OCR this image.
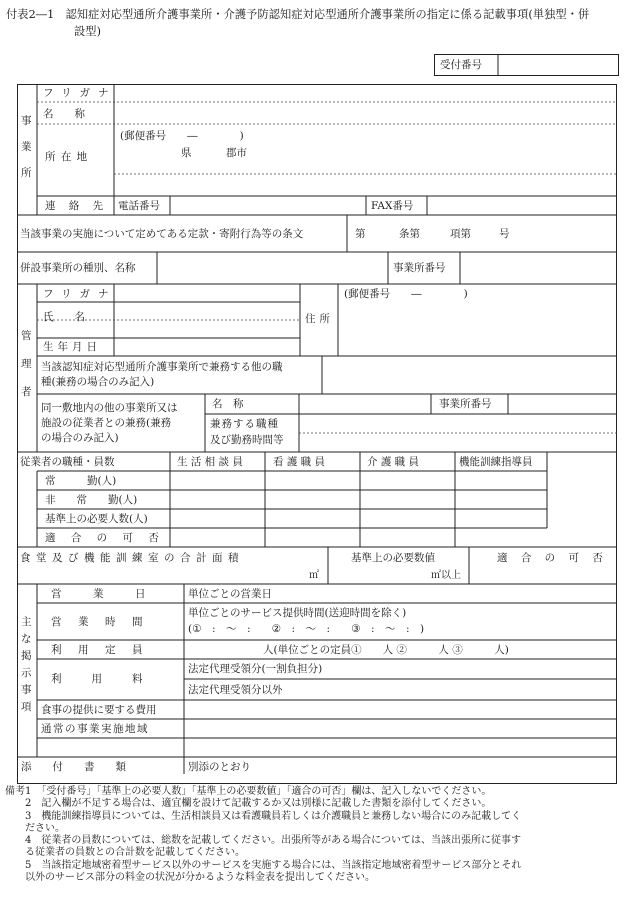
付表2―1　認知症対応型通所介護事業所・介護予防認知症対応型通所介護事業所の指定に係る記載事項(単独型・併
設型)
受付番号
事
業
所
フリガナ
名　　称
所 在 地
(郵便番号　　―　　　　)
県	郡市
連 絡 先 電話番号	FAX番号
当該事業の実施について定めてある定款・寄附行為等の条文	第	条第	項第	号
併設事業所の種別、名称	事業所番号
管
理
者
フリガナ
氏　　名
生年月日
住所
(郵便番号　　―　　　　)
当該認知症対応型通所介護事業所で兼務する他の職
種(兼務の場合のみ記入)
同一敷地内の他の事業所又は
施設の従業者との兼務(兼務
の場合のみ記入)
名　称	事業所番号
兼務する職種
及び勤務時間等
従業者の職種・員数	生 活 相 談 員	看 護 職 員	介 護 職 員	機能訓練指導員
常　　　勤(人)
非　　常　　勤(人)
基準上の必要人数(人)
適 合 の 可 否
食堂及び機能訓練室の合計面積	基準上の必要数値	適 合 の 可 否
㎡	㎡以上
主
な
掲
示
事
項
営　　　業　　　日	単位ごとの営業日
営　業　時　間
単位ごとのサービス提供時間(送迎時間を除く)
(①　:　～　:　　②　:　～　:　　③　:　～　:　)
利　用　定　員	人(単位ごとの定員①　　人 ②　　　人 ③　　　人)
利　　用　　料
法定代理受領分(一割負担分)
法定代理受領分以外
食事の提供に要する費用
通常の事業実施地域
添　　付　　書　　類	別添のとおり
備考1　「受付番号」「基準上の必要人数」「基準上の必要数値」「適合の可否」欄は、記入しないでください。
　　2　記入欄が不足する場合は、適宜欄を設けて記載するか又は別様に記載した書類を添付してください。
　　3　機能訓練指導員については、生活相談員又は看護職員若しくは介護職員と兼務しない場合にのみ記載してく
　　ださい。
　　4　従業者の員数については、総数を記載してください。出張所等がある場合については、当該出張所に従事す
　　る従業者の員数との合計数を記載してください。
　　5　当該指定地域密着型サービス以外のサービスを実施する場合には、当該指定地域密着型サービス部分とそれ
　　以外のサービス部分の料金の状況が分かるような料金表を提出してください。
